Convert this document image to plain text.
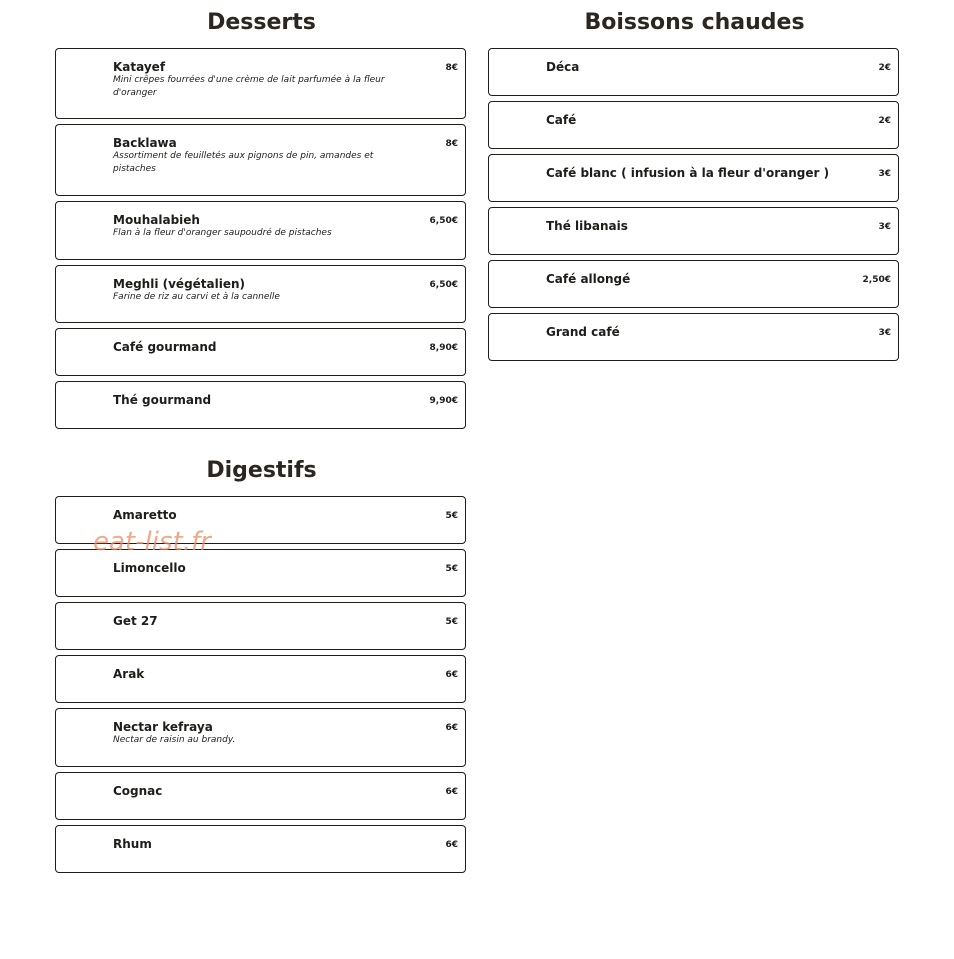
Desserts
Katayef
Mini crêpes fourrées d'une crème de lait parfumée à la fleur d'oranger
8€
Backlawa
Assortiment de feuilletés aux pignons de pin, amandes et pistaches
8€
Mouhalabieh
Flan à la fleur d'oranger saupoudré de pistaches
6,50€
Meghli (végétalien)
Farine de riz au carvi et à la cannelle
6,50€
Café gourmand	8,90€
Thé gourmand	9,90€
Boissons chaudes
Déca	2€
Café	2€
Café blanc ( infusion à la fleur d'oranger )	3€
Thé libanais	3€
Café allongé	2,50€
Grand café	3€
Digestifs
Amaretto	5€
Limoncello	5€
Get 27	5€
Arak	6€
Nectar kefraya
Nectar de raisin au brandy.
6€
Cognac	6€
Rhum	6€
eat-list.fr
